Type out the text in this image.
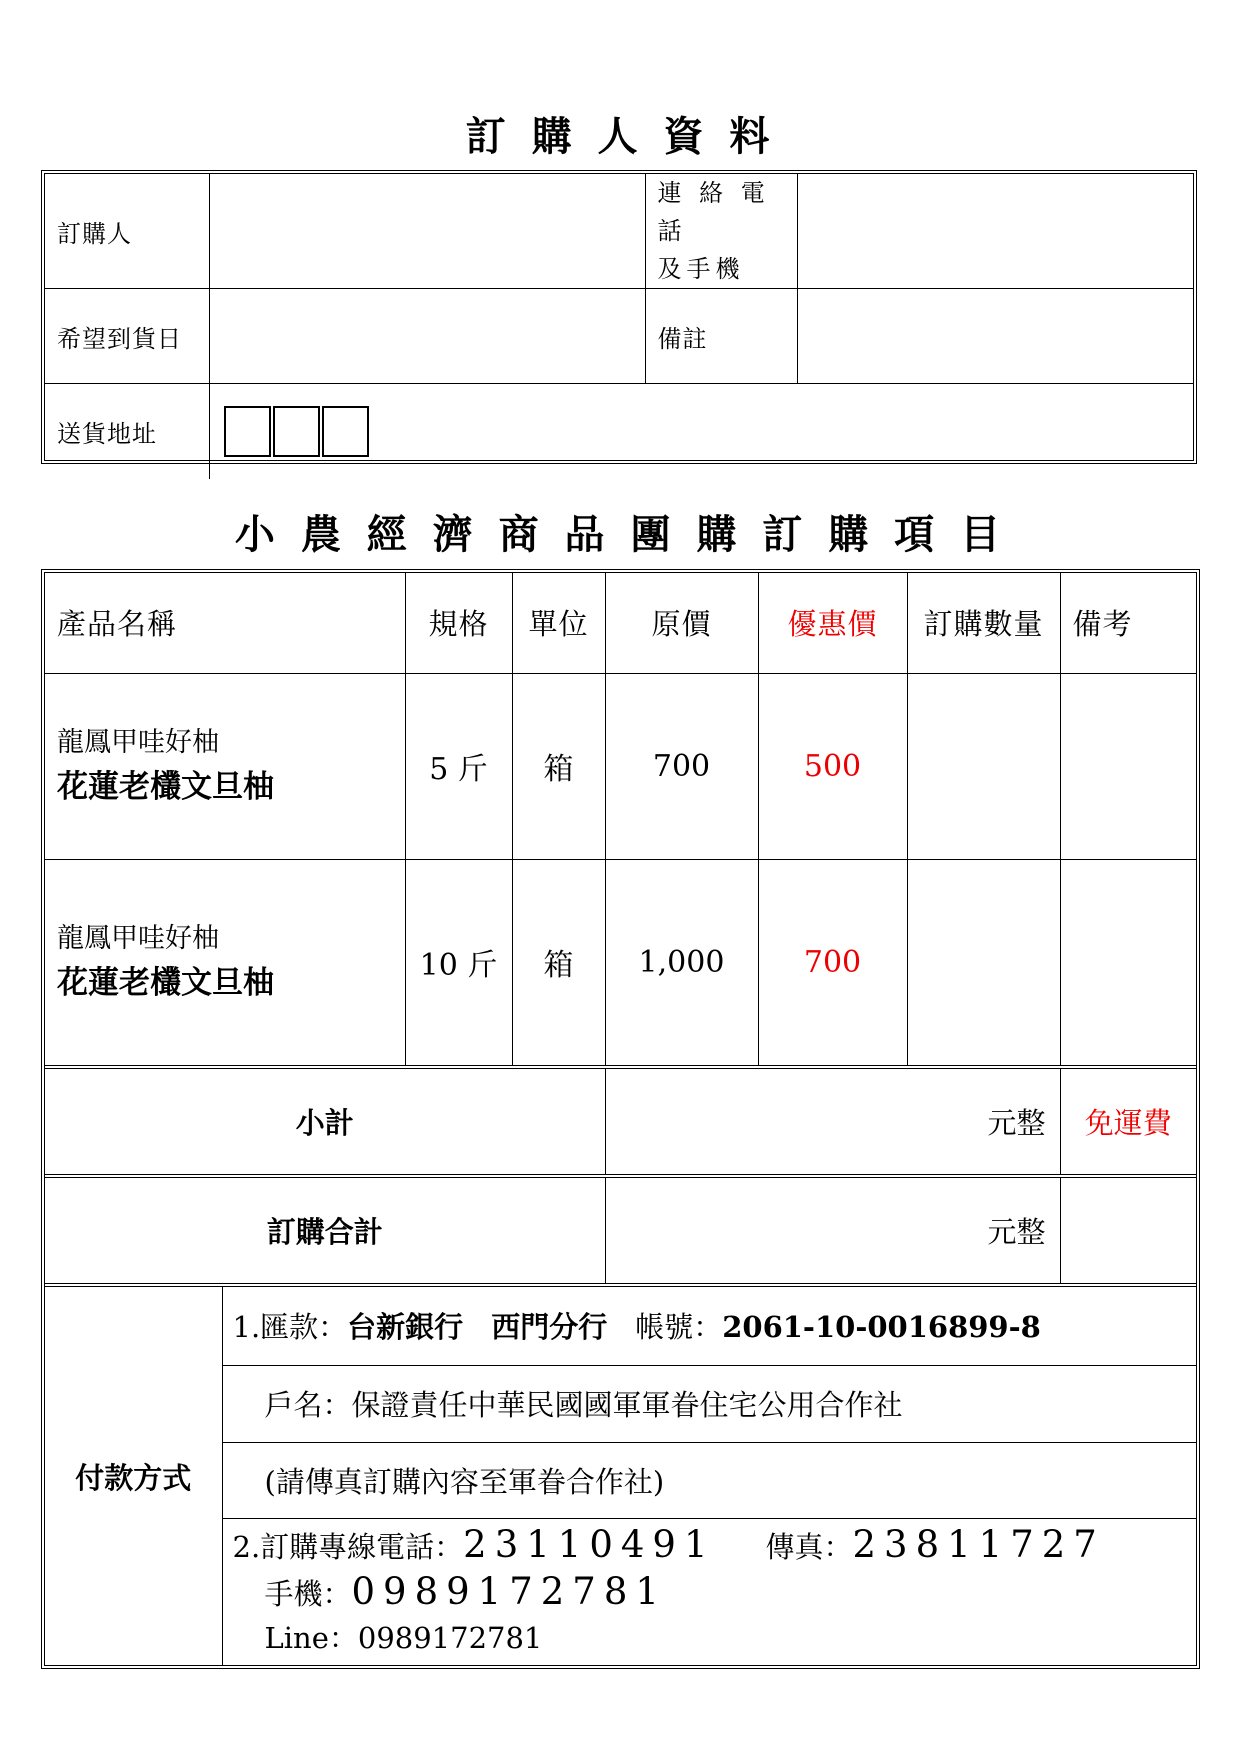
訂 購 人 資 料
訂購人		連 絡 電 話
及手機	

希望到貨日		備註	
送貨地址			
小 農 經 濟 商 品 團 購 訂 購 項 目
產品名稱	規格	單位	原價	優惠價	訂購數量	備考

龍鳳甲哇好柚
花蓮老欉文旦柚	5 斤	箱	700	500		

龍鳳甲哇好柚
花蓮老欉文旦柚	10 斤	箱	1,000	700		
小計	元整	免運費
訂購合計	元整	
付款方式	1.匯款：台新銀行 西門分行 帳號：2061-10-0016899-8
戶名：保證責任中華民國國軍軍眷住宅公用合作社
(請傳真訂購內容至軍眷合作社)

2.訂購專線電話：23110491 傳真：23811727
手機：0989172781
Line：0989172781
